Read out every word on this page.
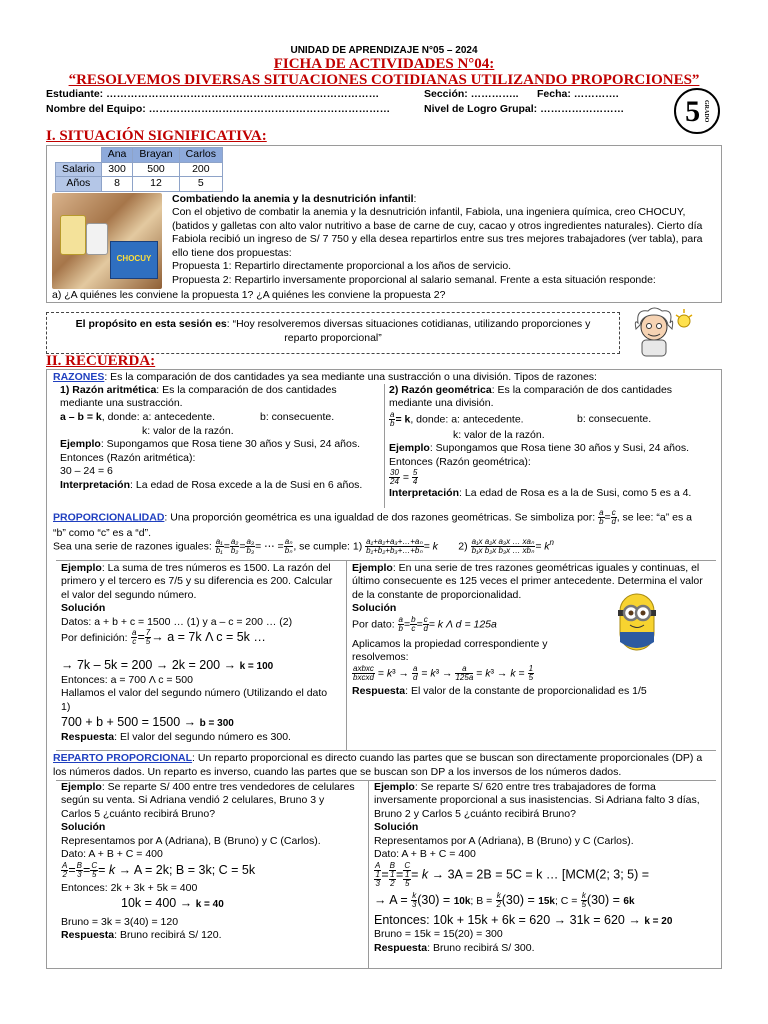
UNIDAD DE APRENDIZAJE N°05 – 2024
FICHA DE ACTIVIDADES N°04:
“RESOLVEMOS DIVERSAS SITUACIONES COTIDIANAS UTILIZANDO PROPORCIONES”
Estudiante: ……………………………………………………………………	Sección: ………….. Fecha: ………….
Nombre del Equipo: ……………………………………………………………	Nivel de Logro Grupal: …………………… 5 GRADO
I. SITUACIÓN SIGNIFICATIVA:
	Ana	Brayan	Carlos
Salario	300	500	200
Años	8	12	5
CHOCUY
Combatiendo la anemia y la desnutrición infantil:
Con el objetivo de combatir la anemia y la desnutrición infantil, Fabiola, una ingeniera química, creo CHOCUY,
(batidos y galletas con alto valor nutritivo a base de carne de cuy, cacao y otros ingredientes naturales). Cierto día
Fabiola recibió un ingreso de S/ 7 750 y ella desea repartirlos entre sus tres mejores trabajadores (ver tabla), para
ello tiene dos propuestas:
Propuesta 1: Repartirlo directamente proporcional a los años de servicio.
Propuesta 2: Repartirlo inversamente proporcional al salario semanal. Frente a esta situación responde:
a) ¿A quiénes les conviene la propuesta 1? ¿A quiénes les conviene la propuesta 2?
El propósito en esta sesión es: “Hoy resolveremos diversas situaciones cotidianas, utilizando proporciones y
reparto proporcional”
II. RECUERDA:
RAZONES: Es la comparación de dos cantidades ya sea mediante una sustracción o una división. Tipos de razones:
1) Razón aritmética: Es la comparación de dos cantidades
mediante una sustracción.
a – b = k, donde: a: antecedente.	b: consecuente.
k: valor de la razón.
Ejemplo: Supongamos que Rosa tiene 30 años y Susi, 24 años.
Entonces (Razón aritmética):
30 – 24 = 6
Interpretación: La edad de Rosa excede a la de Susi en 6 años.
2) Razón geométrica: Es la comparación de dos cantidades
mediante una división.
$\frac{a}{b} = k$, donde: a: antecedente.	b: consecuente.
k: valor de la razón.
Ejemplo: Supongamos que Rosa tiene 30 años y Susi, 24 años.
Entonces (Razón geométrica):
$\frac{30}{24} = \frac{5}{4}$
Interpretación: La edad de Rosa es a la de Susi, como 5 es a 4.
PROPORCIONALIDAD: Una proporción geométrica es una igualdad de dos razones geométricas. Se simboliza por: $\frac{a}{b} = \frac{c}{d}$ , se lee: “a” es a
“b” como “c” es a “d”.
Sea una serie de razones iguales: $\frac{\text{a₁}}{\text{b₁}} = \frac{\text{a₂}}{\text{b₂}} = \frac{\text{a₃}}{\text{b₃}}$ = ⋯ = $\frac{\text{aₙ}}{\text{bₙ}}$ , se cumple: $1) \frac{\text{a₁+a₂+a₃+…+aₙ}}{\text{b₁+b₂+b₃+…+bₙ}} = k$ $2) \frac{\text{a₁x a₂x a₃x … xaₙ}}{\text{b₁x b₂x b₃x … xbₙ}} = k^n$
Ejemplo: La suma de tres números es 1500. La razón del
primero y el tercero es 7/5 y su diferencia es 200. Calcular
el valor del segundo número.
Solución
Datos: a + b + c = 1500 … (1) y a – c = 200 … (2)
Por definición: $\frac{a}{c} = \frac{7}{5} \to a = 7k$ Λ c = 5k …
→ 7k – 5k = 200 → 2k = 200 → k = 100
Entonces: a = 700 Λ c = 500
Hallamos el valor del segundo número (Utilizando el dato
1)
700 + b + 500 = 1500 → b = 300
Respuesta: El valor del segundo número es 300.
Ejemplo: En una serie de tres razones geométricas iguales y continuas, el
último consecuente es 125 veces el primer antecedente. Determina el valor
de la constante de proporcionalidad.
Solución
Por dato: $\frac{a}{b} = \frac{b}{c} = \frac{c}{d} = k$ Λ d = 125a
Aplicamos la propiedad correspondiente y
resolvemos:
$\frac{\text{axbxc}}{\text{bxcxd}} = k^3 \to \frac{a}{d} = k^3 \to \frac{a}{125a} = k^3 \to k = \frac{1}{5}$
Respuesta: El valor de la constante de proporcionalidad es 1/5
REPARTO PROPORCIONAL: Un reparto proporcional es directo cuando las partes que se buscan son directamente proporcionales (DP) a
los números dados. Un reparto es inverso, cuando las partes que se buscan son DP a los inversos de los números dados.
Ejemplo: Se reparte S/ 400 entre tres vendedores de celulares
según su venta. Si Adriana vendió 2 celulares, Bruno 3 y
Carlos 5 ¿cuánto recibirá Bruno?
Solución
Representamos por A (Adriana), B (Bruno) y C (Carlos).
Dato: A + B + C = 400
$\frac{A}{2} = \frac{B}{3} = \frac{C}{5} = k \to A = 2k$; B = 3k; C = 5k
Entonces: 2k + 3k + 5k = 400
10k = 400 → k = 40
Bruno = 3k = 3(40) = 120
Respuesta: Bruno recibirá S/ 120.
Ejemplo: Se reparte S/ 620 entre tres trabajadores de forma
inversamente proporcional a sus inasistencias. Si Adriana falto 3 días,
Bruno 2 y Carlos 5 ¿cuánto recibirá Bruno?
Solución
Representamos por A (Adriana), B (Bruno) y C (Carlos).
Dato: A + B + C = 400
A
1
3
=
B
1
2
=
C
1
5
= k → 3A = 2B = 5C = k … [MCM(2; 3; 5) =
→ $A = \frac{k}{3} (30) = 10k$; $B = \frac{k}{2} (30) = 15k$; $C = \frac{k}{5} (30) = 6k$
Entonces: 10k + 15k + 6k = 620 → 31k = 620 → k = 20
Bruno = 15k = 15(20) = 300
Respuesta: Bruno recibirá S/ 300.
